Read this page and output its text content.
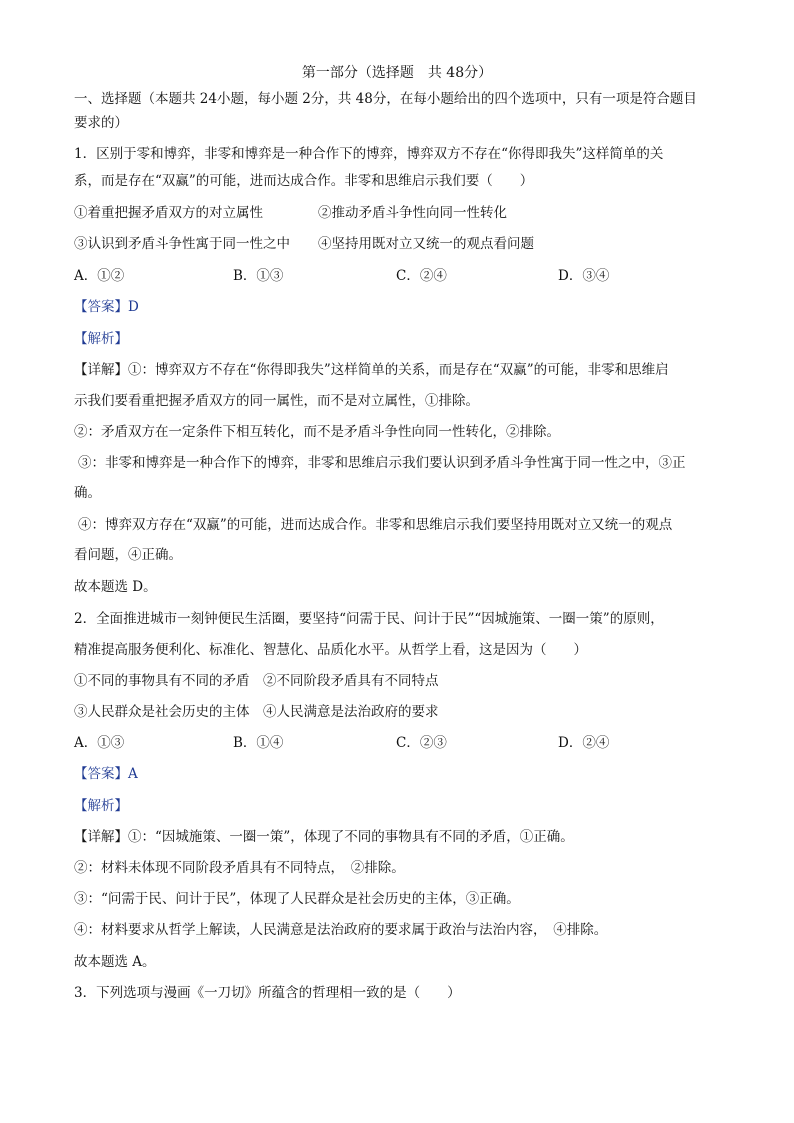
第一部分（选择题　共 48分）
一、选择题（本题共 24小题，每小题 2分，共 48分，在每小题给出的四个选项中，只有一项是符合题目
要求的）
1．区别于零和博弈，非零和博弈是一种合作下的博弈，博弈双方不存在“你得即我失”这样简单的关
系，而是存在“双赢”的可能，进而达成合作。非零和思维启示我们要（　　）
①着重把握矛盾双方的对立属性	②推动矛盾斗争性向同一性转化
③认识到矛盾斗争性寓于同一性之中 ④坚持用既对立又统一的观点看问题
A．①②	B．①③	C．②④	D．③④
【答案】D
【解析】
【详解】①：博弈双方不存在“你得即我失”这样简单的关系，而是存在“双赢”的可能，非零和思维启
示我们要看重把握矛盾双方的同一属性，而不是对立属性，①排除。
②：矛盾双方在一定条件下相互转化，而不是矛盾斗争性向同一性转化，②排除。
③：非零和博弈是一种合作下的博弈，非零和思维启示我们要认识到矛盾斗争性寓于同一性之中，③正
确。
④：博弈双方存在“双赢”的可能，进而达成合作。非零和思维启示我们要坚持用既对立又统一的观点
看问题，④正确。
故本题选 D。
2．全面推进城市一刻钟便民生活圈，要坚持“问需于民、问计于民”“因城施策、一圈一策”的原则，
精准提高服务便利化、标准化、智慧化、品质化水平。从哲学上看，这是因为（　　）
①不同的事物具有不同的矛盾　②不同阶段矛盾具有不同特点
③人民群众是社会历史的主体　④人民满意是法治政府的要求
A．①③	B．①④	C．②③	D．②④
【答案】A
【解析】
【详解】①：“因城施策、一圈一策”，体现了不同的事物具有不同的矛盾，①正确。
②：材料未体现不同阶段矛盾具有不同特点，　②排除。
③：“问需于民、问计于民”，体现了人民群众是社会历史的主体，③正确。
④：材料要求从哲学上解读，人民满意是法治政府的要求属于政治与法治内容，　④排除。
故本题选 A。
3．下列选项与漫画《一刀切》所蕴含的哲理相一致的是（　　）
